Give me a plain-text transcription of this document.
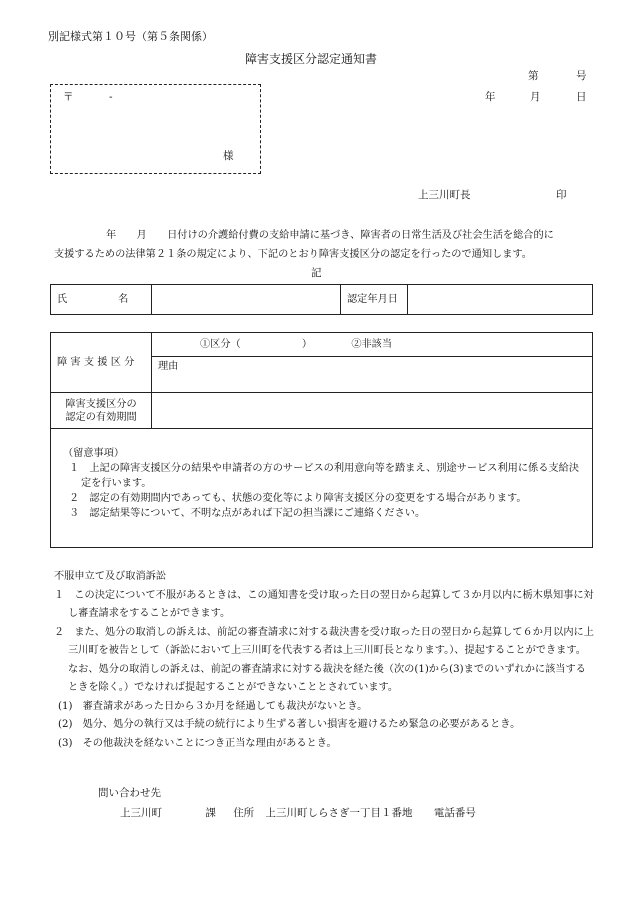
別記様式第１０号（第５条関係）
障害支援区分認定通知書
第	号
年	月	日
〒	-
様
上三川町長	印
年　　月　　日付けの介護給付費の支給申請に基づき、障害者の日常生活及び社会生活を総合的に
支援するための法律第２１条の規定により、下記のとおり障害支援区分の認定を行ったので通知します。
記
氏　　　　　名		認定年月日	
障 害 支 援 区 分	①区分（　　　　　　） ②非該当
	理由

障害支援区分の
認定の有効期間	

（留意事項）
１　上記の障害支援区分の結果や申請者の方のサービスの利用意向等を踏まえ、別途サービス利用に係る支給決定を行います。
２　認定の有効期間内であっても、状態の変化等により障害支援区分の変更をする場合があります。
３　認定結果等について、不明な点があれば下記の担当課にご連絡ください。
不服申立て及び取消訴訟
１　この決定について不服があるときは、この通知書を受け取った日の翌日から起算して３か月以内に栃木県知事に対し審査請求をすることができます。
２　また、処分の取消しの訴えは、前記の審査請求に対する裁決書を受け取った日の翌日から起算して６か月以内に上三川町を被告として（訴訟において上三川町を代表する者は上三川町長となります。）、提起することができます。なお、処分の取消しの訴えは、前記の審査請求に対する裁決を経た後（次の(1)から(3)までのいずれかに該当するときを除く。）でなければ提起することができないこととされています。
(1)　審査請求があった日から３か月を経過しても裁決がないとき。
(2)　処分、処分の執行又は手続の続行により生ずる著しい損害を避けるため緊急の必要があるとき。
(3)　その他裁決を経ないことにつき正当な理由があるとき。
問い合わせ先
上三川町	課 住所 上三川町しらさぎ一丁目１番地 電話番号
